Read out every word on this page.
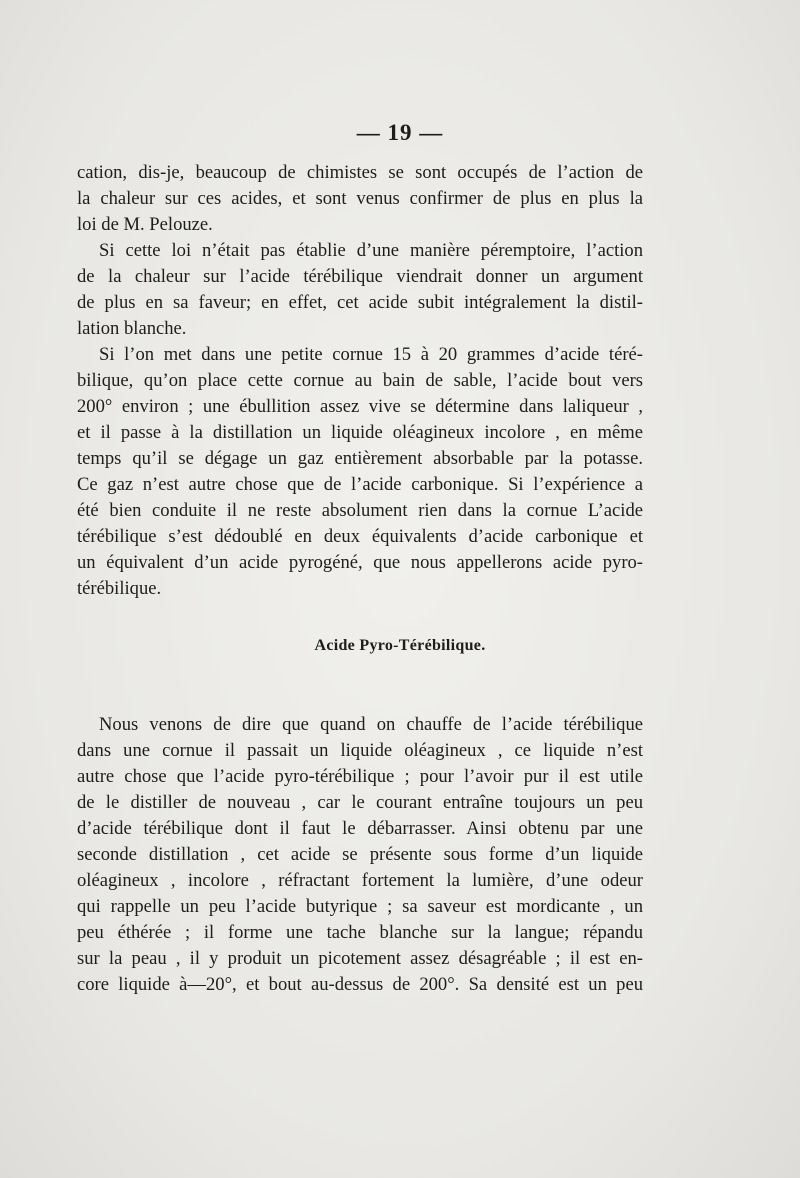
— 19 —
cation, dis-je, beaucoup de chimistes se sont occupés de l’action de
la chaleur sur ces acides, et sont venus confirmer de plus en plus la
loi de M. Pelouze.
Si cette loi n’était pas établie d’une manière péremptoire, l’action
de la chaleur sur l’acide térébilique viendrait donner un argument
de plus en sa faveur; en effet, cet acide subit intégralement la distil-
lation blanche.
Si l’on met dans une petite cornue 15 à 20 grammes d’acide téré-
bilique, qu’on place cette cornue au bain de sable, l’acide bout vers
200° environ ; une ébullition assez vive se détermine dans laliqueur ,
et il passe à la distillation un liquide oléagineux incolore , en même
temps qu’il se dégage un gaz entièrement absorbable par la potasse.
Ce gaz n’est autre chose que de l’acide carbonique. Si l’expérience a
été bien conduite il ne reste absolument rien dans la cornue L’acide
térébilique s’est dédoublé en deux équivalents d’acide carbonique et
un équivalent d’un acide pyrogéné, que nous appellerons acide pyro-
térébilique.
Acide Pyro-Térébilique.
Nous venons de dire que quand on chauffe de l’acide térébilique
dans une cornue il passait un liquide oléagineux , ce liquide n’est
autre chose que l’acide pyro-térébilique ; pour l’avoir pur il est utile
de le distiller de nouveau , car le courant entraîne toujours un peu
d’acide térébilique dont il faut le débarrasser. Ainsi obtenu par une
seconde distillation , cet acide se présente sous forme d’un liquide
oléagineux , incolore , réfractant fortement la lumière, d’une odeur
qui rappelle un peu l’acide butyrique ; sa saveur est mordicante , un
peu éthérée ; il forme une tache blanche sur la langue; répandu
sur la peau , il y produit un picotement assez désagréable ; il est en-
core liquide à—20°, et bout au-dessus de 200°. Sa densité est un peu
